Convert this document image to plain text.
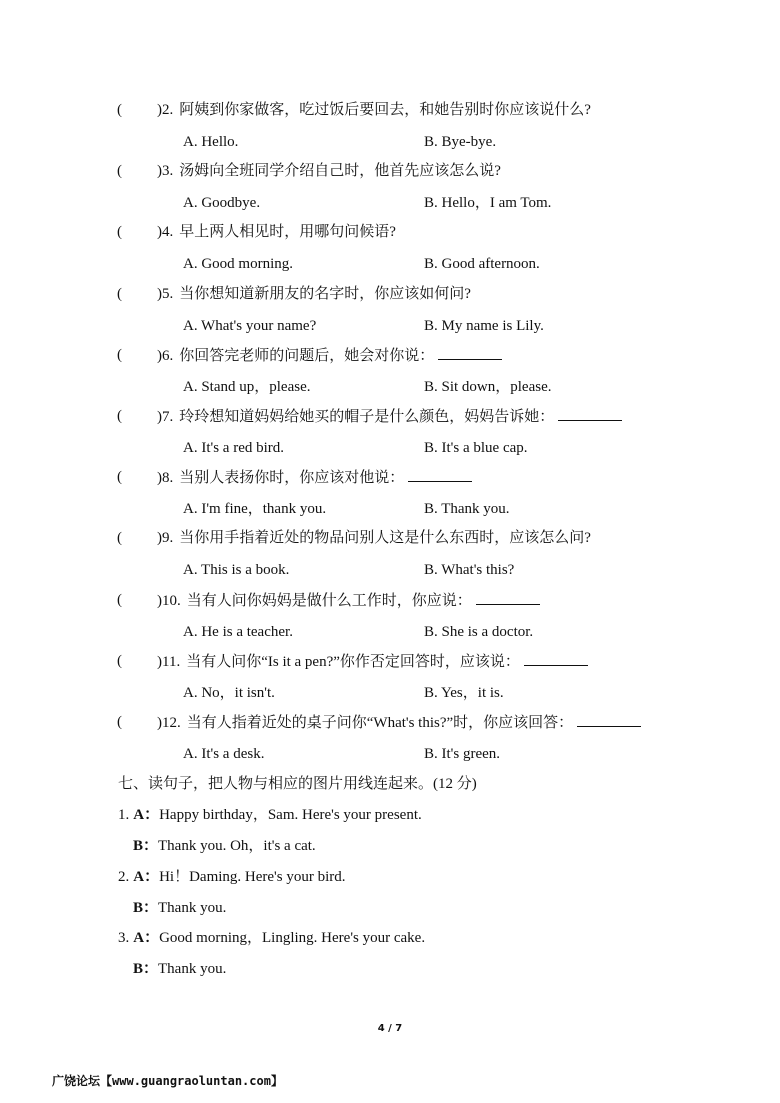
( )2. 阿姨到你家做客，吃过饭后要回去，和她告别时你应该说什么?
A. Hello.	B. Bye-bye.
( )3. 汤姆向全班同学介绍自己时，他首先应该怎么说?
A. Goodbye.	B. Hello，I am Tom.
( )4. 早上两人相见时，用哪句问候语?
A. Good morning.	B. Good afternoon.
( )5. 当你想知道新朋友的名字时，你应该如何问?
A. What's your name?	B. My name is Lily.
( )6. 你回答完老师的问题后，她会对你说：
A. Stand up，please.	B. Sit down，please.
( )7. 玲玲想知道妈妈给她买的帽子是什么颜色，妈妈告诉她：
A. It's a red bird.	B. It's a blue cap.
( )8. 当别人表扬你时，你应该对他说：
A. I'm fine，thank you.	B. Thank you.
( )9. 当你用手指着近处的物品问别人这是什么东西时，应该怎么问?
A. This is a book.	B. What's this?
( )10. 当有人问你妈妈是做什么工作时，你应说：
A. He is a teacher.	B. She is a doctor.
( )11. 当有人问你“Is it a pen?”你作否定回答时，应该说：
A. No，it isn't.	B. Yes，it is.
( )12. 当有人指着近处的桌子问你“What's this?”时，你应该回答：
A. It's a desk.	B. It's green.
七、读句子，把人物与相应的图片用线连起来。(12 分)
1. A：Happy birthday，Sam. Here's your present.
B：Thank you. Oh，it's a cat.
2. A：Hi！Daming. Here's your bird.
B：Thank you.
3. A：Good morning，Lingling. Here's your cake.
B：Thank you.
4 / 7
广饶论坛【www.guangraoluntan.com】
